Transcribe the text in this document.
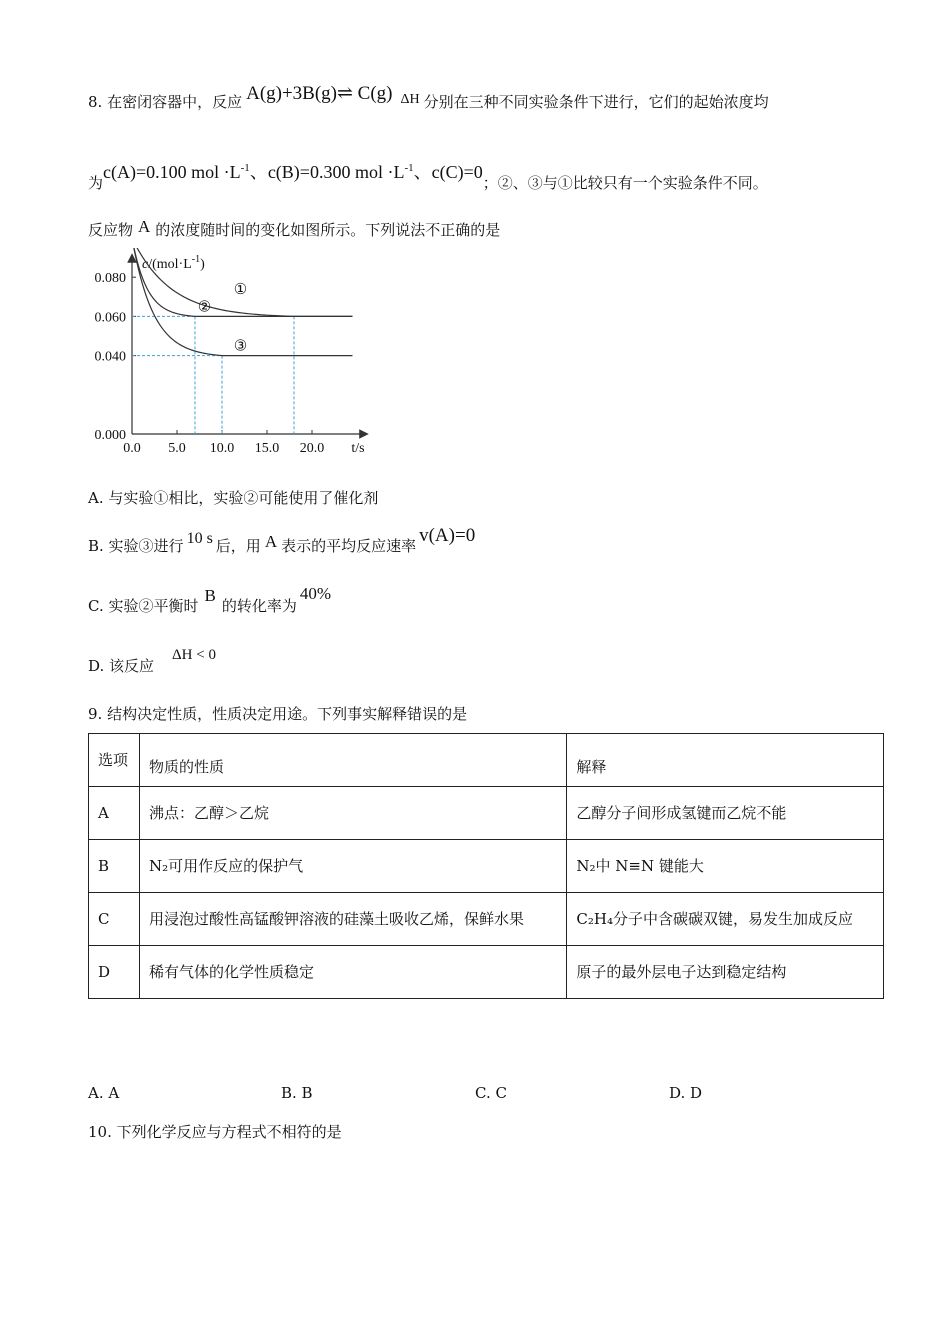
8. 在密闭容器中，反应 A(g)+3B(g)⇌ C(g) ΔH 分别在三种不同实验条件下进行，它们的起始浓度均
为c(A)=0.100 mol $\cdot L^{-1}$、c(B)=0.300 mol $\cdot L^{-1}$、c(C)=0；②、③与①比较只有一个实验条件不同。
反应物 A 的浓度随时间的变化如图所示。下列说法不正确的是
0.080
0.060
0.040
0.000
0.0 5.0 10.0 15.0 20.0
$c/(mol\cdot L^{-1})$
t/s
①
②
③
A. 与实验①相比，实验②可能使用了催化剂
B. 实验③进行 10 s 后，用 A 表示的平均反应速率 v(A)=0
C. 实验②平衡时B的转化率为40%
D. 该反应ΔH < 0
9. 结构决定性质，性质决定用途。下列事实解释错误的是
选项	物质的性质	解释
A	沸点：乙醇＞乙烷	乙醇分子间形成氢键而乙烷不能
B	N₂可用作反应的保护气	N₂中 N≡N 键能大
C	用浸泡过酸性高锰酸钾溶液的硅藻土吸收乙烯，保鲜水果	C₂H₄分子中含碳碳双键，易发生加成反应
D	稀有气体的化学性质稳定	原子的最外层电子达到稳定结构
A. A	B. B	C. C	D. D
10. 下列化学反应与方程式不相符的是
